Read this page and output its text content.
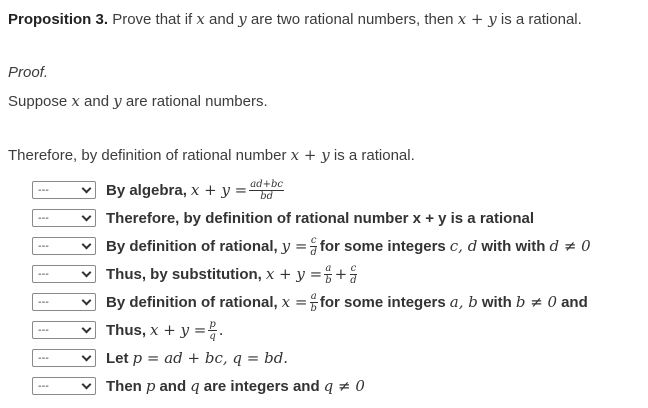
Proposition 3. Prove that if x and y are two rational numbers, then x + y is a rational.
Proof.
Suppose x and y are rational numbers.
Therefore, by definition of rational number x + y is a rational.
---	By algebra, $x + y = \frac{ad+bc}{bd}$
---	Therefore, by definition of rational number x + y is a rational
---	By definition of rational, $y = \frac{c}{d}$ for some integers c, d with with d ≠ 0
---	Thus, by substitution, $x + y = \frac{a}{b} + \frac{c}{d}$
---	By definition of rational, $x = \frac{a}{b}$ for some integers a, b with b ≠ 0 and
---	Thus, $x + y = \frac{p}{q}$ .
---	Let p = ad + bc, q = bd.
---	Then p and q are integers and q ≠ 0
